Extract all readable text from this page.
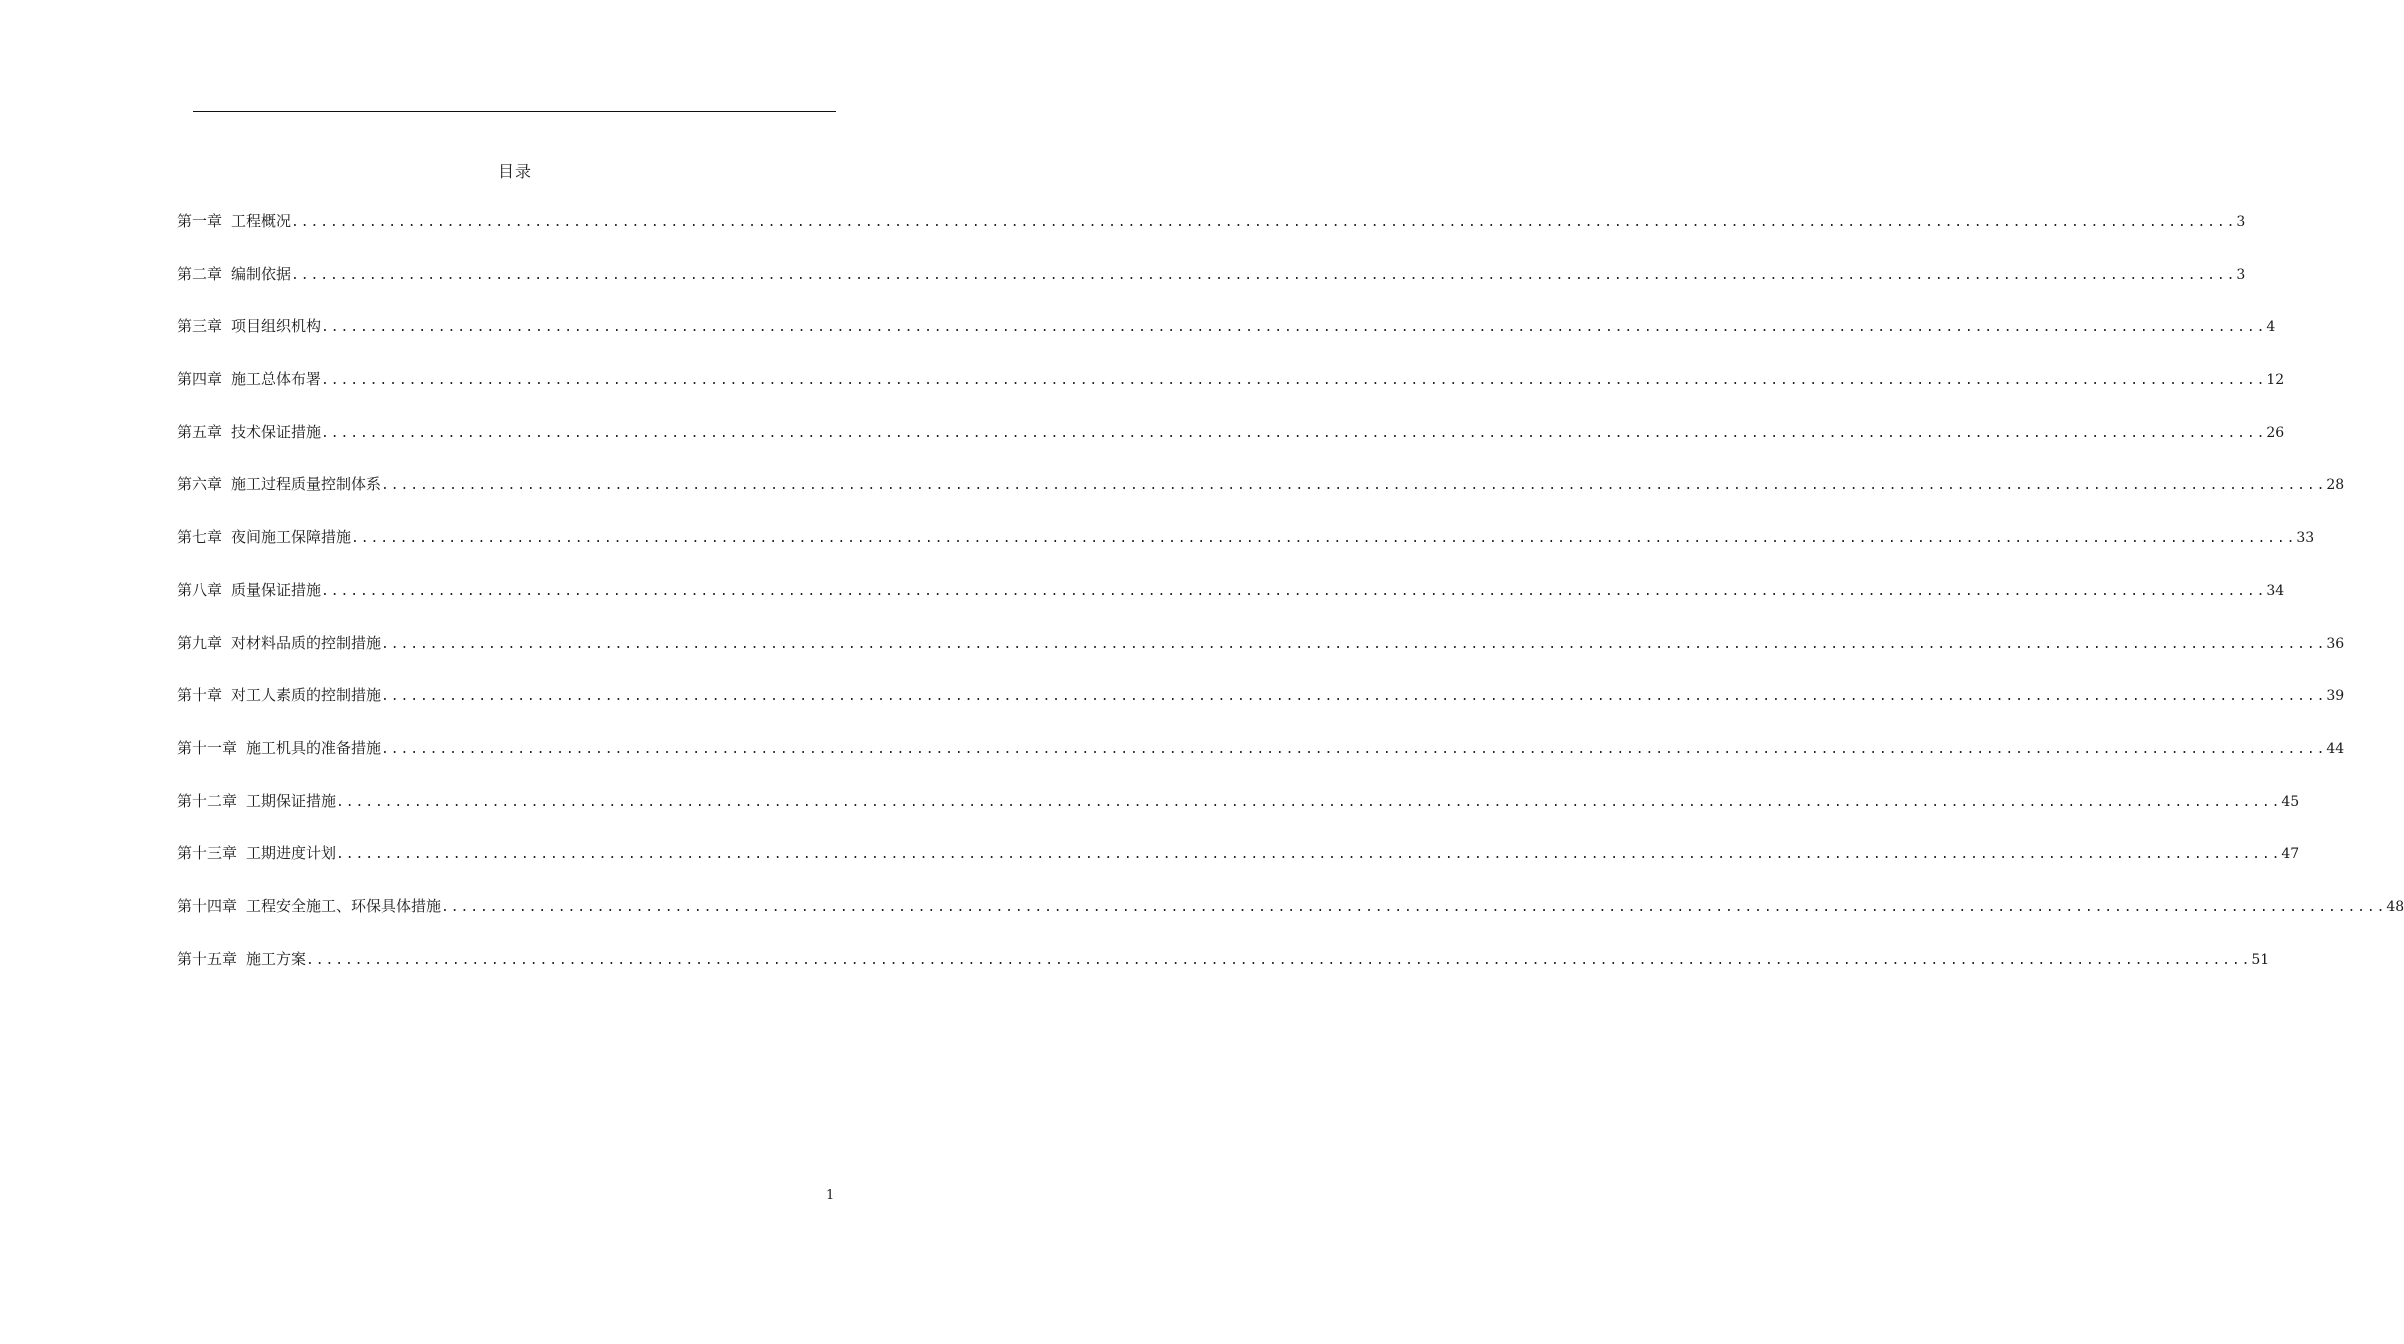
目录
第一章 工程概况 ........................................................................................................................................................................................................ 3
第二章 编制依据 ........................................................................................................................................................................................................ 3
第三章 项目组织机构 ........................................................................................................................................................................................................ 4
第四章 施工总体布署 ........................................................................................................................................................................................................ 12
第五章 技术保证措施 ........................................................................................................................................................................................................ 26
第六章 施工过程质量控制体系 ........................................................................................................................................................................................................ 28
第七章 夜间施工保障措施 ........................................................................................................................................................................................................ 33
第八章 质量保证措施 ........................................................................................................................................................................................................ 34
第九章 对材料品质的控制措施 ........................................................................................................................................................................................................ 36
第十章 对工人素质的控制措施 ........................................................................................................................................................................................................ 39
第十一章 施工机具的准备措施 ........................................................................................................................................................................................................ 44
第十二章 工期保证措施 ........................................................................................................................................................................................................ 45
第十三章 工期进度计划 ........................................................................................................................................................................................................ 47
第十四章 工程安全施工、环保具体措施 ........................................................................................................................................................................................................ 48
第十五章 施工方案 ........................................................................................................................................................................................................ 51
1
